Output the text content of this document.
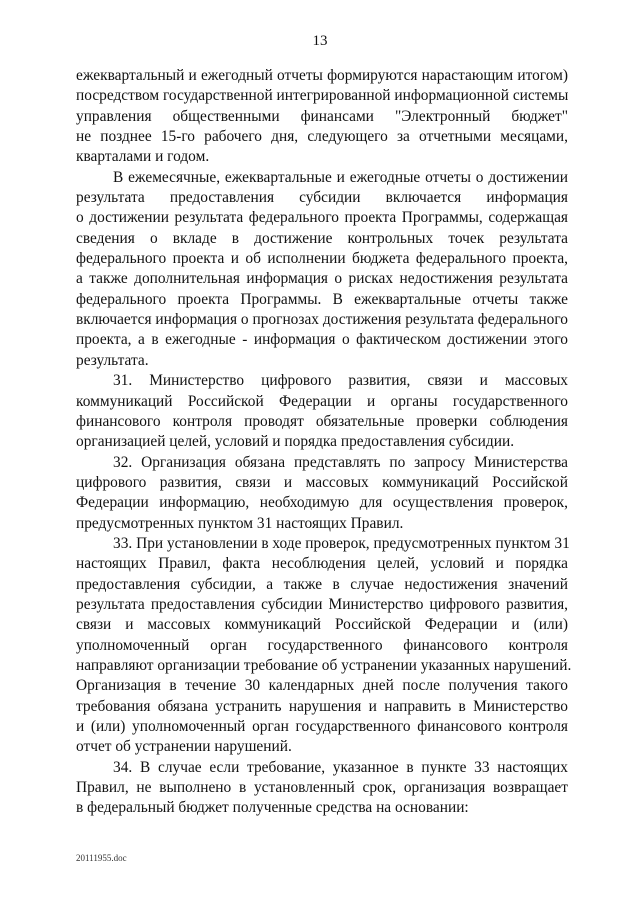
13
ежеквартальный и ежегодный отчеты формируются нарастающим итогом)
посредством государственной интегрированной информационной системы
управления общественными финансами "Электронный бюджет"
не позднее 15-го рабочего дня, следующего за отчетными месяцами,
кварталами и годом.
В ежемесячные, ежеквартальные и ежегодные отчеты о достижении
результата предоставления субсидии включается информация
о достижении результата федерального проекта Программы, содержащая
сведения о вкладе в достижение контрольных точек результата
федерального проекта и об исполнении бюджета федерального проекта,
а также дополнительная информация о рисках недостижения результата
федерального проекта Программы. В ежеквартальные отчеты также
включается информация о прогнозах достижения результата федерального
проекта, а в ежегодные - информация о фактическом достижении этого
результата.
31. Министерство цифрового развития, связи и массовых
коммуникаций Российской Федерации и органы государственного
финансового контроля проводят обязательные проверки соблюдения
организацией целей, условий и порядка предоставления субсидии.
32. Организация обязана представлять по запросу Министерства
цифрового развития, связи и массовых коммуникаций Российской
Федерации информацию, необходимую для осуществления проверок,
предусмотренных пунктом 31 настоящих Правил.
33. При установлении в ходе проверок, предусмотренных пунктом 31
настоящих Правил, факта несоблюдения целей, условий и порядка
предоставления субсидии, а также в случае недостижения значений
результата предоставления субсидии Министерство цифрового развития,
связи и массовых коммуникаций Российской Федерации и (или)
уполномоченный орган государственного финансового контроля
направляют организации требование об устранении указанных нарушений.
Организация в течение 30 календарных дней после получения такого
требования обязана устранить нарушения и направить в Министерство
и (или) уполномоченный орган государственного финансового контроля
отчет об устранении нарушений.
34. В случае если требование, указанное в пункте 33 настоящих
Правил, не выполнено в установленный срок, организация возвращает
в федеральный бюджет полученные средства на основании:
20111955.doc
